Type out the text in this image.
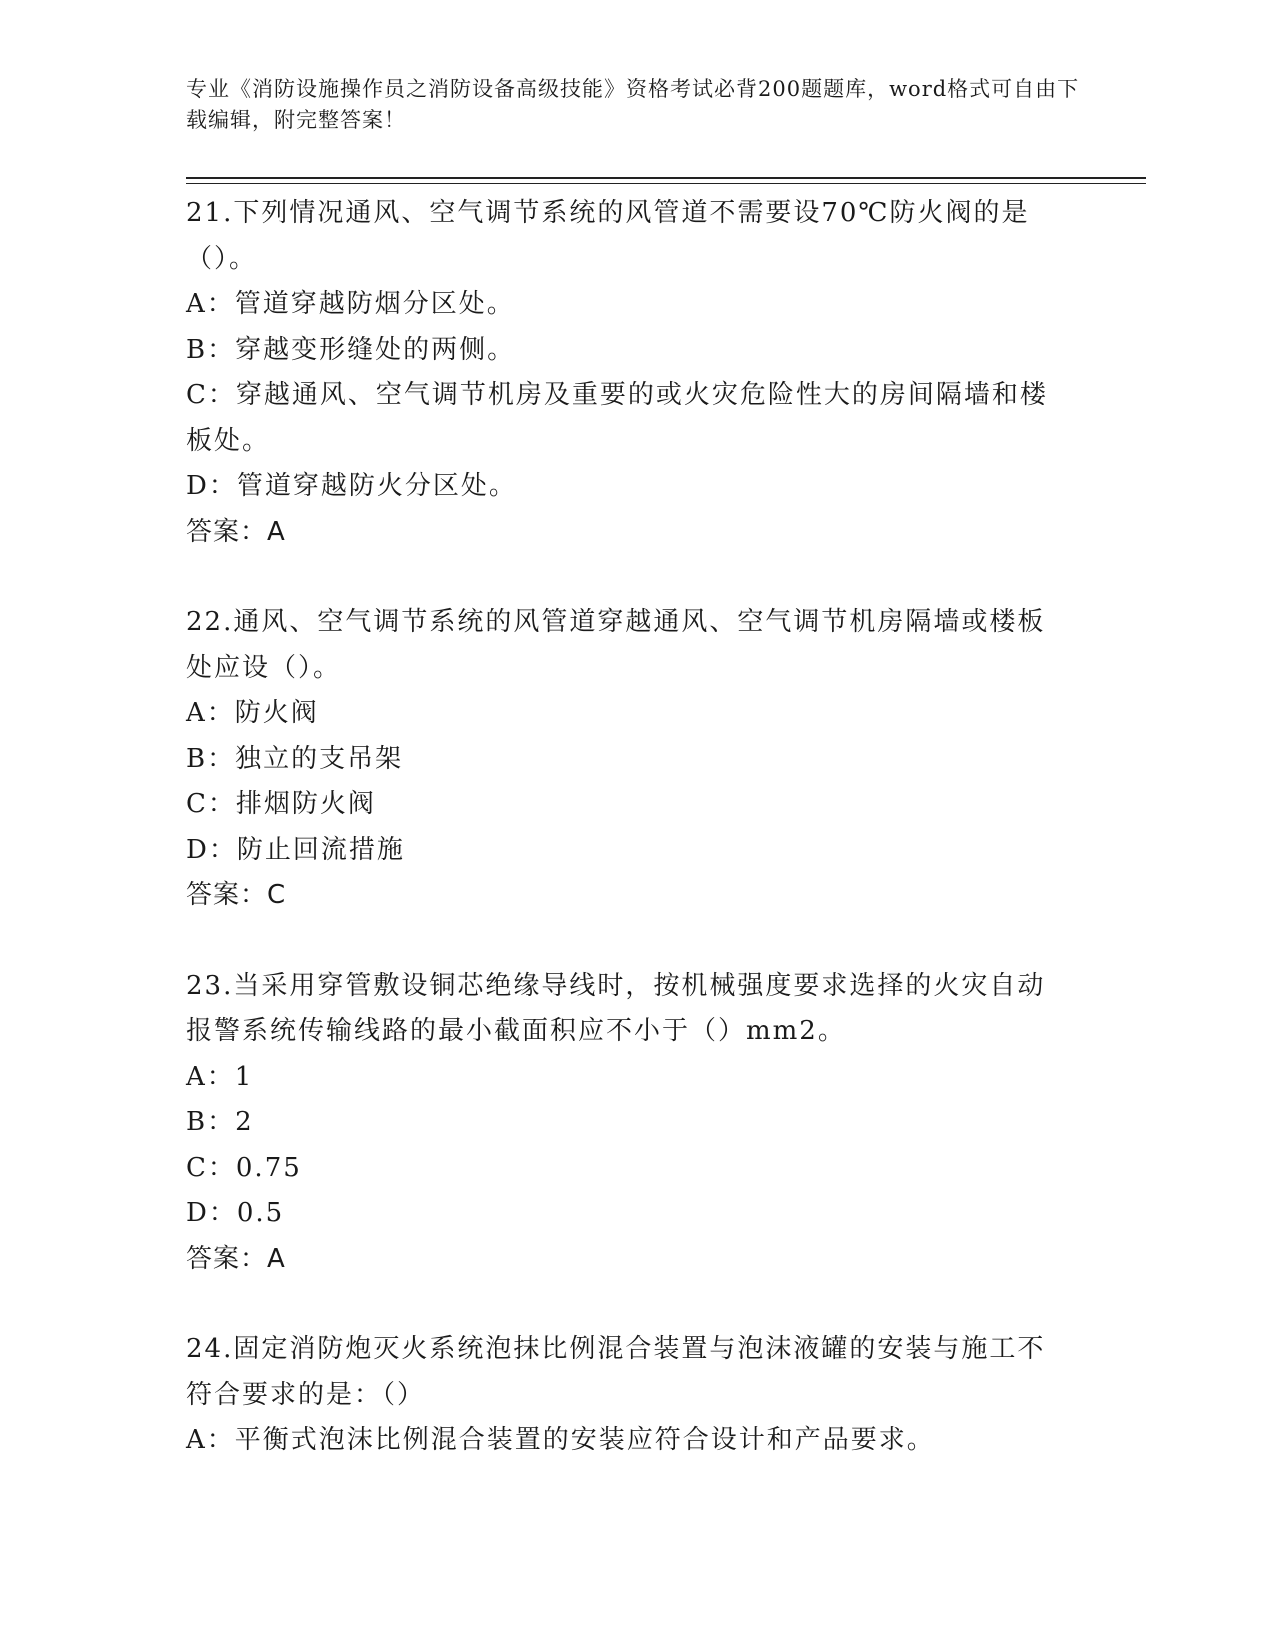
专业《消防设施操作员之消防设备高级技能》资格考试必背200题题库，word格式可自由下载编辑，附完整答案！

21.下列情况通风、空气调节系统的风管道不需要设70℃防火阀的是（）。

A：管道穿越防烟分区处。

B：穿越变形缝处的两侧。

C：穿越通风、空气调节机房及重要的或火灾危险性大的房间隔墙和楼板处。

D：管道穿越防火分区处。

答案：A

22.通风、空气调节系统的风管道穿越通风、空气调节机房隔墙或楼板处应设（）。

A：防火阀

B：独立的支吊架

C：排烟防火阀

D：防止回流措施

答案：C

23.当采用穿管敷设铜芯绝缘导线时，按机械强度要求选择的火灾自动报警系统传输线路的最小截面积应不小于（）mm2。

A：1

B：2

C：0.75

D：0.5

答案：A

24.固定消防炮灭火系统泡抹比例混合装置与泡沫液罐的安装与施工不符合要求的是：（）

A：平衡式泡沫比例混合装置的安装应符合设计和产品要求。
